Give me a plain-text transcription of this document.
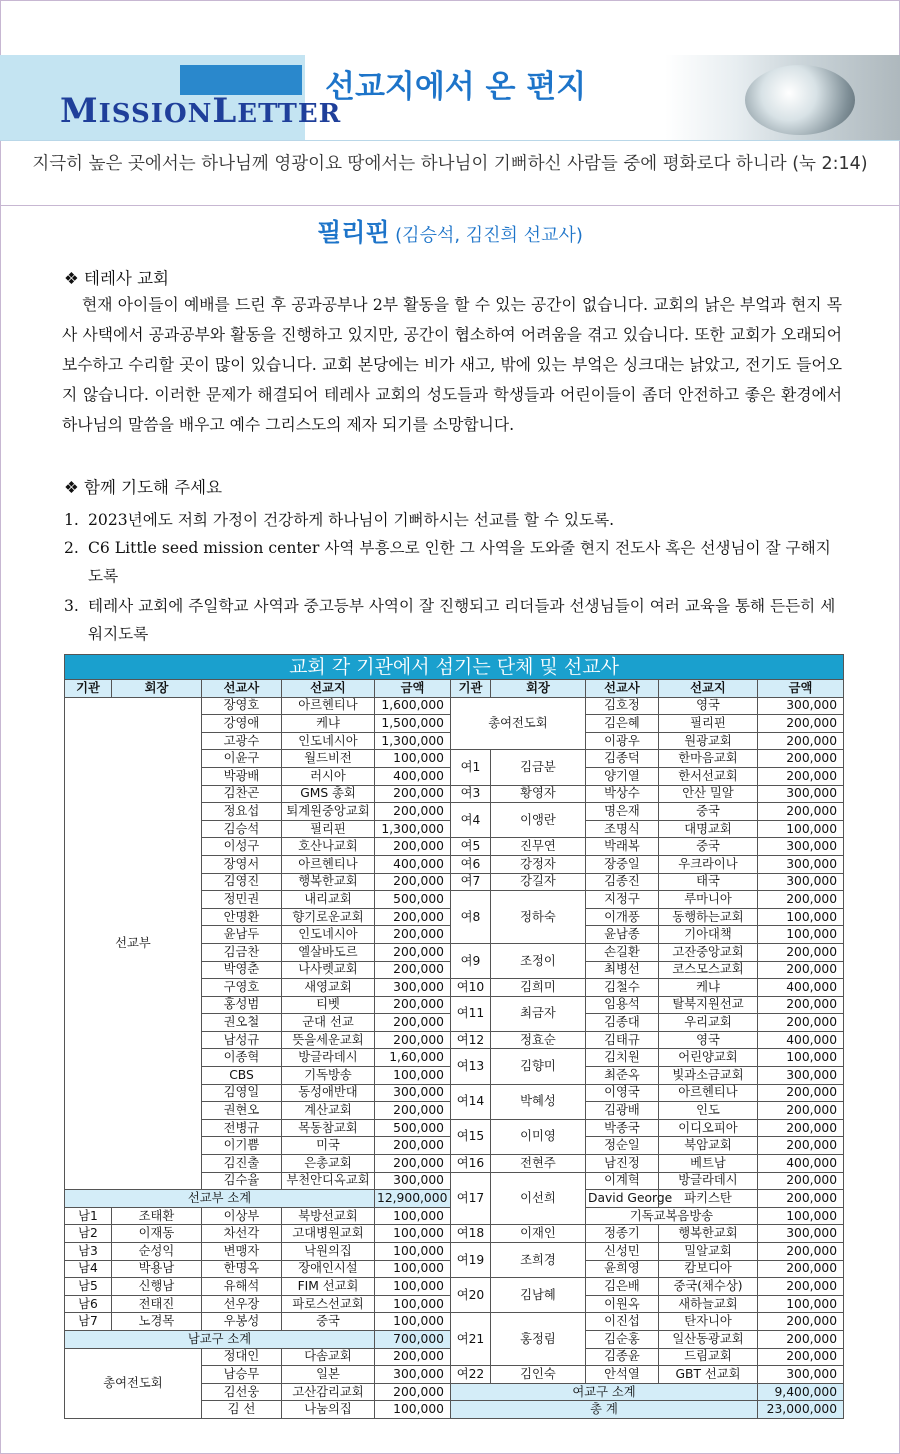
MISSIONLETTER
선교지에서 온 편지
지극히 높은 곳에서는 하나님께 영광이요 땅에서는 하나님이 기뻐하신 사람들 중에 평화로다 하니라 (눅 2:14)
필리핀 (김승석, 김진희 선교사)
❖ 테레사 교회
현재 아이들이 예배를 드린 후 공과공부나 2부 활동을 할 수 있는 공간이 없습니다. 교회의 낡은 부엌과 현지 목사 사택에서 공과공부와 활동을 진행하고 있지만, 공간이 협소하여 어려움을 겪고 있습니다. 또한 교회가 오래되어 보수하고 수리할 곳이 많이 있습니다. 교회 본당에는 비가 새고, 밖에 있는 부엌은 싱크대는 낡았고, 전기도 들어오지 않습니다. 이러한 문제가 해결되어 테레사 교회의 성도들과 학생들과 어린이들이 좀더 안전하고 좋은 환경에서 하나님의 말씀을 배우고 예수 그리스도의 제자 되기를 소망합니다.
❖ 함께 기도해 주세요
1. 2023년에도 저희 가정이 건강하게 하나님이 기뻐하시는 선교를 할 수 있도록.
2. C6 Little seed mission center 사역 부흥으로 인한 그 사역을 도와줄 현지 전도사 혹은 선생님이 잘 구해지도록
3. 테레사 교회에 주일학교 사역과 중고등부 사역이 잘 진행되고 리더들과 선생님들이 여러 교육을 통해 든든히 세워지도록
교회 각 기관에서 섬기는 단체 및 선교사									
기관	회장	선교사	선교지	금액	기관	회장	선교사	선교지	금액
선교부		장영호	아르헨티나	1,600,000	총여전도회		김호정	영국	300,000
		강영애	케냐	1,500,000			김은혜	필리핀	200,000
		고광수	인도네시아	1,300,000			이광우	원광교회	200,000
		이윤구	월드비전	100,000	여1	김금분	김종덕	한마음교회	200,000
		박광배	러시아	400,000			양기열	한서선교회	200,000
		김찬곤	GMS 총회	200,000	여3	황영자	박상수	안산 밀알	300,000
		정요섭	퇴계원중앙교회	200,000	여4	이앵란	명은재	중국	200,000
		김승석	필리핀	1,300,000			조명식	대명교회	100,000
		이성구	호산나교회	200,000	여5	진무연	박래복	중국	300,000
		장영서	아르헨티나	400,000	여6	강정자	장중일	우크라이나	300,000
		김영진	행복한교회	200,000	여7	강길자	김종진	태국	300,000
		정민권	내리교회	500,000	여8	정하숙	지정구	루마니아	200,000
		안명환	향기로운교회	200,000			이개풍	동행하는교회	100,000
		윤남두	인도네시아	200,000			윤남종	기아대책	100,000
		김금찬	엘살바도르	200,000	여9	조정이	손길환	고잔중앙교회	200,000
		박영춘	나사렛교회	200,000			최병선	코스모스교회	200,000
		구영호	새영교회	300,000	여10	김희미	김철수	케냐	400,000
		홍성범	티벳	200,000	여11	최금자	임용석	탈북지원선교	200,000
		권오철	군대 선교	200,000			김종대	우리교회	200,000
		남성규	뜻을세운교회	200,000	여12	정효순	김태규	영국	400,000
		이종혁	방글라데시	1,60,000	여13	김향미	김치원	어린양교회	100,000
		CBS	기독방송	100,000			최준옥	빛과소금교회	300,000
		김영일	동성애반대	300,000	여14	박혜성	이영국	아르헨티나	200,000
		권현오	계산교회	200,000			김광배	인도	200,000
		전병규	목동참교회	500,000	여15	이미영	박종국	이디오피아	200,000
		이기쁨	미국	200,000			정순일	북암교회	200,000
		김진출	은총교회	200,000	여16	전현주	남진정	베트남	400,000
		김수율	부천안디옥교회	300,000	여17	이선희	이계혁	방글라데시	200,000
선교부 소계				12,900,000			David George	파키스탄	200,000
남1	조태환	이상부	북방선교회	100,000			기독교복음방송		100,000
남2	이재동	차선각	고대병원교회	100,000	여18	이재인	정종기	행복한교회	300,000
남3	순성익	변맹자	낙원의집	100,000	여19	조희경	신성민	밀알교회	200,000
남4	박용남	한명옥	장애인시설	100,000			윤희영	캄보디아	200,000
남5	신행남	유해석	FIM 선교회	100,000	여20	김남혜	김은배	중국(채수상)	200,000
남6	전태진	선우장	파로스선교회	100,000			이원옥	새하늘교회	100,000
남7	노경목	우봉성	중국	100,000	여21	홍정림	이진섭	탄자니아	200,000
남교구 소계				700,000			김순홍	일산동광교회	200,000
총여전도회		정대인	다솜교회	200,000			김종윤	드림교회	200,000
		남승무	일본	300,000	여22	김인숙	안석열	GBT 선교회	300,000
		김선웅	고산감리교회	200,000	여교구 소계				9,400,000
		김 선	나눔의집	100,000	총 계				23,000,000
